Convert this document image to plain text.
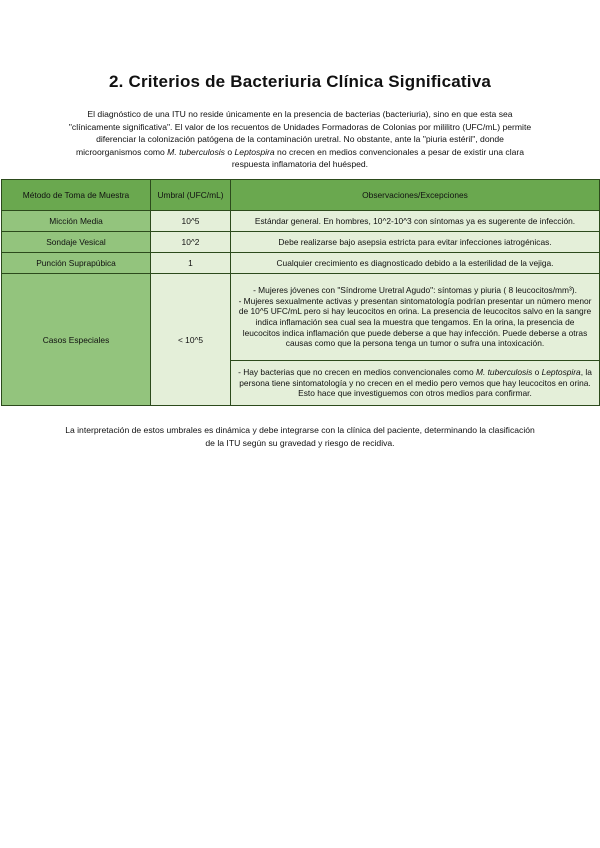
2. Criterios de Bacteriuria Clínica Significativa
El diagnóstico de una ITU no reside únicamente en la presencia de bacterias (bacteriuria), sino en que esta sea "clínicamente significativa". El valor de los recuentos de Unidades Formadoras de Colonias por mililitro (UFC/mL) permite diferenciar la colonización patógena de la contaminación uretral. No obstante, ante la "piuria estéril", donde microorganismos como M. tuberculosis o Leptospira no crecen en medios convencionales a pesar de existir una clara respuesta inflamatoria del huésped.
Método de Toma de Muestra	Umbral (UFC/mL)	Observaciones/Excepciones
Micción Media	10^5	Estándar general. En hombres, 10^2-10^3 con síntomas ya es sugerente de infección.
Sondaje Vesical	10^2	Debe realizarse bajo asepsia estricta para evitar infecciones iatrogénicas.
Punción Suprapúbica	1	Cualquier crecimiento es diagnosticado debido a la esterilidad de la vejiga.
Casos Especiales	< 10^5	- Mujeres jóvenes con "Síndrome Uretral Agudo": síntomas y piuria ( 8 leucocitos/mm³).
- Mujeres sexualmente activas y presentan sintomatología podrían presentar un número menor de 10^5 UFC/mL pero si hay leucocitos en orina. La presencia de leucocitos salvo en la sangre indica inflamación sea cual sea la muestra que tengamos. En la orina, la presencia de leucocitos indica inflamación que puede deberse a que hay infección. Puede deberse a otras causas como que la persona tenga un tumor o sufra una intoxicación.

		- Hay bacterias que no crecen en medios convencionales como M. tuberculosis o Leptospira, la persona tiene sintomatología y no crecen en el medio pero vemos que hay leucocitos en orina. Esto hace que investiguemos con otros medios para confirmar.
La interpretación de estos umbrales es dinámica y debe integrarse con la clínica del paciente, determinando la clasificación de la ITU según su gravedad y riesgo de recidiva.
